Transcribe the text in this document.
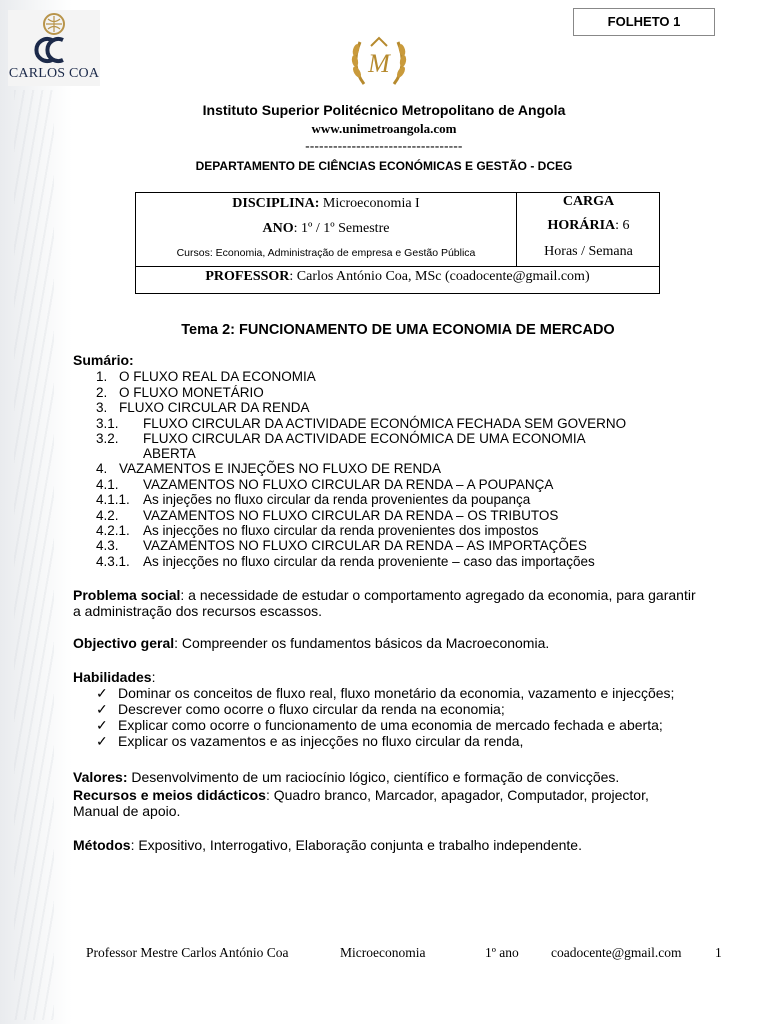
CARLOS COA
FOLHETO 1
M
Instituto Superior Politécnico Metropolitano de Angola
www.unimetroangola.com
----------------------------------
DEPARTAMENTO DE CIÊNCIAS ECONÓMICAS E GESTÃO - DCEG
DISCIPLINA: Microeconomia I
ANO: 1º / 1º Semestre
Cursos: Economia, Administração de empresa e Gestão Pública
CARGA
HORÁRIA: 6
Horas / Semana
PROFESSOR: Carlos António Coa, MSc (coadocente@gmail.com)
Tema 2: FUNCIONAMENTO DE UMA ECONOMIA DE MERCADO
Sumário:
1. O FLUXO REAL DA ECONOMIA
2. O FLUXO MONETÁRIO
3. FLUXO CIRCULAR DA RENDA
3.1. FLUXO CIRCULAR DA ACTIVIDADE ECONÓMICA FECHADA SEM GOVERNO
3.2. FLUXO CIRCULAR DA ACTIVIDADE ECONÓMICA DE UMA ECONOMIA
ABERTA
4. VAZAMENTOS E INJEÇÕES NO FLUXO DE RENDA
4.1. VAZAMENTOS NO FLUXO CIRCULAR DA RENDA – A POUPANÇA
4.1.1. As injeções no fluxo circular da renda provenientes da poupança
4.2. VAZAMENTOS NO FLUXO CIRCULAR DA RENDA – OS TRIBUTOS
4.2.1. As injecções no fluxo circular da renda provenientes dos impostos
4.3. VAZAMENTOS NO FLUXO CIRCULAR DA RENDA – AS IMPORTAÇÕES
4.3.1. As injecções no fluxo circular da renda proveniente – caso das importações
Problema social: a necessidade de estudar o comportamento agregado da economia, para garantir
a administração dos recursos escassos.
Objectivo geral: Compreender os fundamentos básicos da Macroeconomia.
Habilidades:
✓ Dominar os conceitos de fluxo real, fluxo monetário da economia, vazamento e injecções;
✓ Descrever como ocorre o fluxo circular da renda na economia;
✓ Explicar como ocorre o funcionamento de uma economia de mercado fechada e aberta;
✓ Explicar os vazamentos e as injecções no fluxo circular da renda,
Valores: Desenvolvimento de um raciocínio lógico, científico e formação de convicções.
Recursos e meios didácticos: Quadro branco, Marcador, apagador, Computador, projector,
Manual de apoio.
Métodos: Expositivo, Interrogativo, Elaboração conjunta e trabalho independente.
Professor Mestre Carlos António Coa	Microeconomia	1º ano coadocente@gmail.com 1
